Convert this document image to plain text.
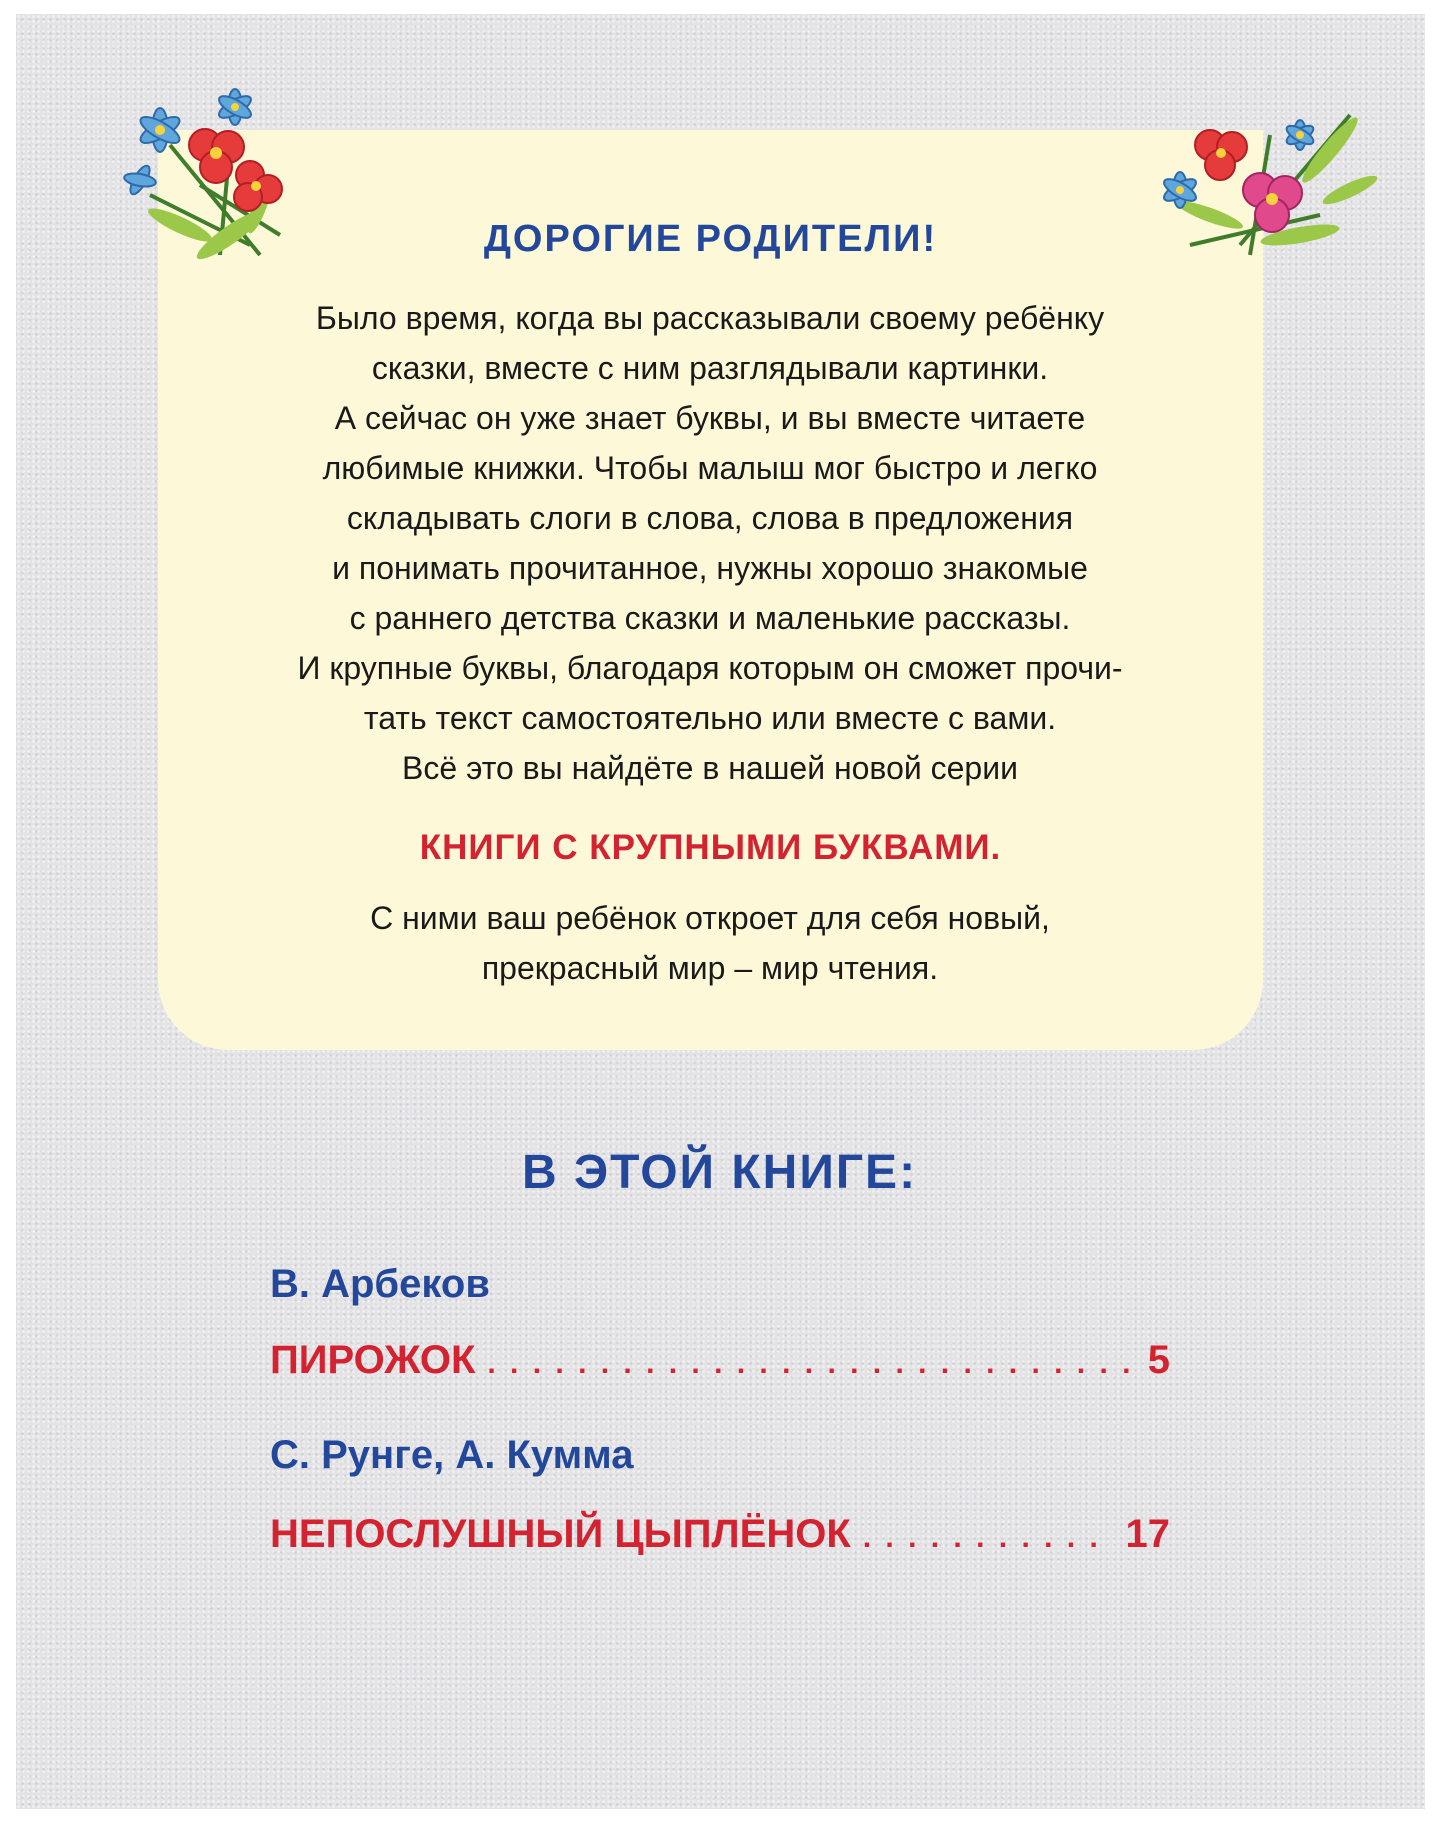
ДОРОГИЕ РОДИТЕЛИ!
Было время, когда вы рассказывали своему ребёнку
сказки, вместе с ним разглядывали картинки.
А сейчас он уже знает буквы, и вы вместе читаете
любимые книжки. Чтобы малыш мог быстро и легко
складывать слоги в слова, слова в предложения
и понимать прочитанное, нужны хорошо знакомые
с раннего детства сказки и маленькие рассказы.
И крупные буквы, благодаря которым он сможет прочи-
тать текст самостоятельно или вместе с вами.
Всё это вы найдёте в нашей новой серии
КНИГИ С КРУПНЫМИ БУКВАМИ.
С ними ваш ребёнок откроет для себя новый,
прекрасный мир – мир чтения.
В ЭТОЙ КНИГЕ:
В. Арбеков
ПИРОЖОК . . .	5
С. Рунге, А. Кумма
НЕПОСЛУШНЫЙ ЦЫПЛЁНОК . . .	17
